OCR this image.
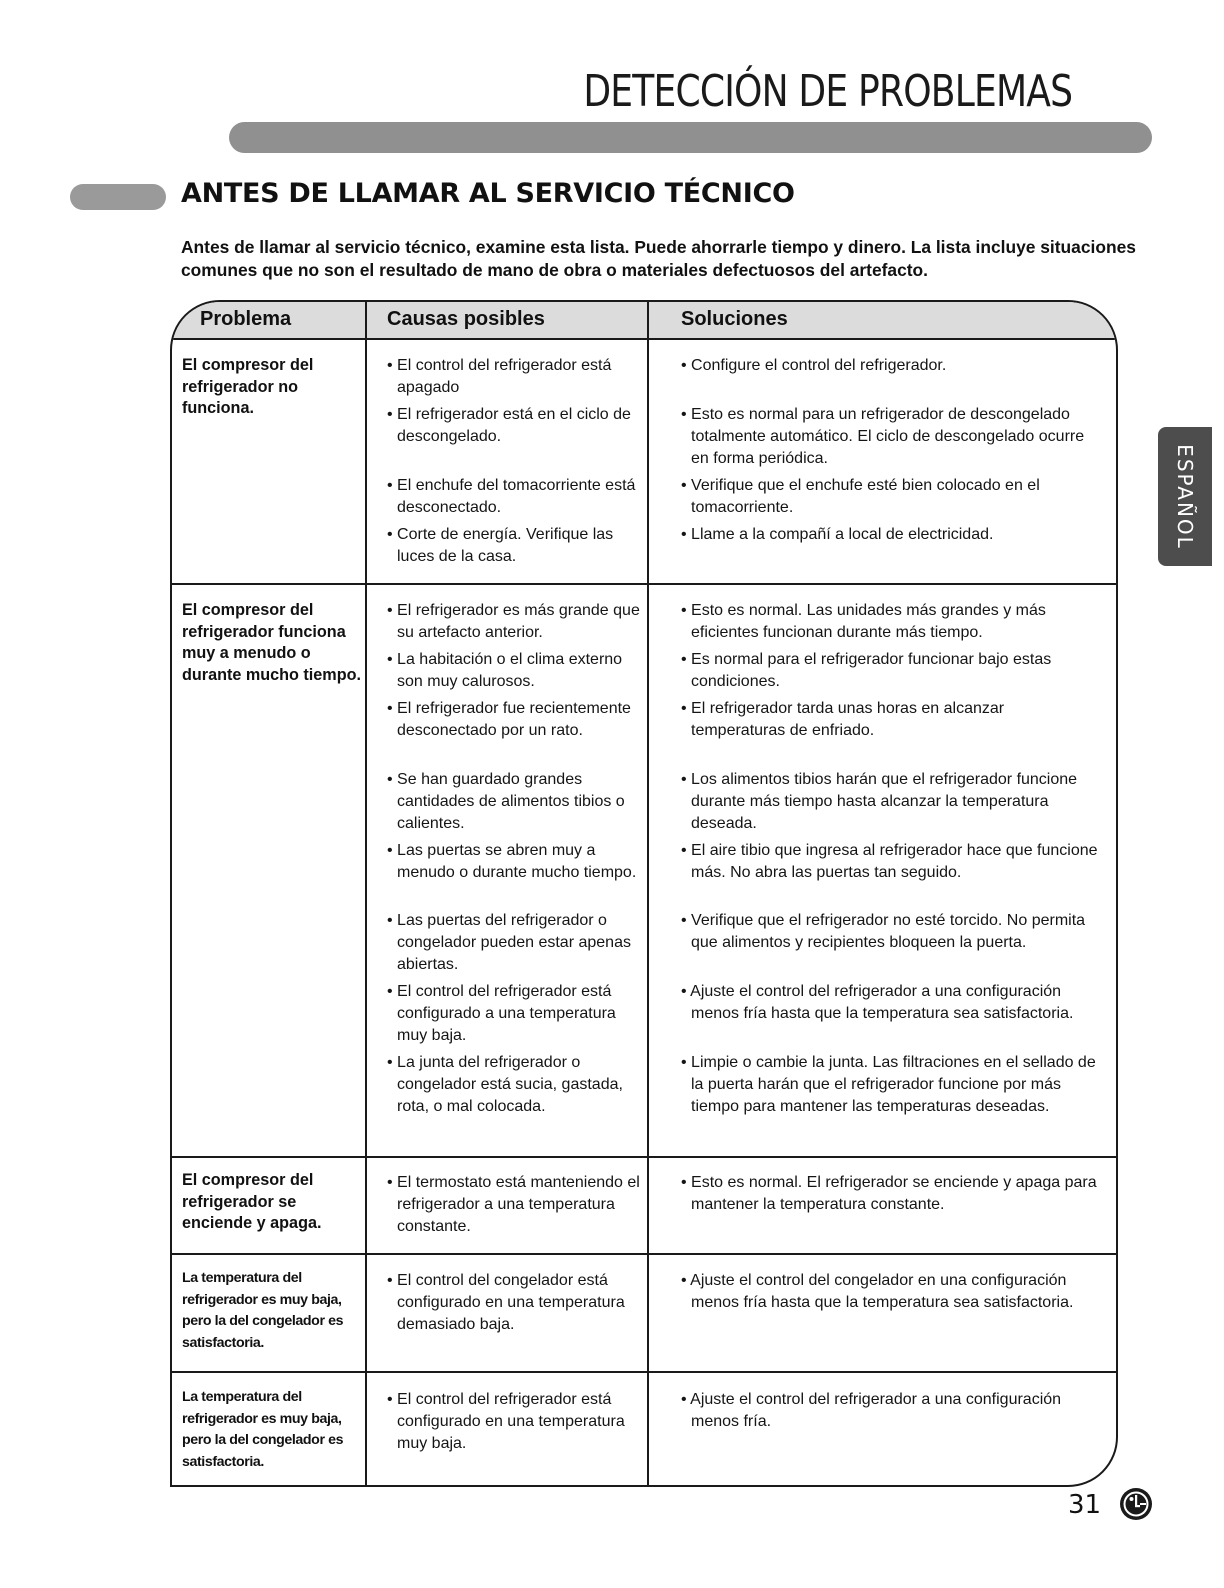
DETECCIÓN DE PROBLEMAS
ANTES DE LLAMAR AL SERVICIO TÉCNICO

Antes de llamar al servicio técnico, examine esta lista. Puede ahorrarle tiempo y dinero. La lista incluye situaciones comunes que no son el resultado de mano de obra o materiales defectuosos del artefacto.

Problema	Causas posibles	Soluciones
El compresor del refrigerador no funciona.
• El control del refrigerador está apagado
• Configure el control del refrigerador.
• El refrigerador está en el ciclo de descongelado.
• Esto es normal para un refrigerador de descongelado totalmente automático. El ciclo de descongelado ocurre en forma periódica.
• El enchufe del tomacorriente está desconectado.
• Verifique que el enchufe esté bien colocado en el tomacorriente.
• Corte de energía. Verifique las luces de la casa.
• Llame a la compañí a local de electricidad.
El compresor del refrigerador funciona muy a menudo o durante mucho tiempo.
• El refrigerador es más grande que su artefacto anterior.
• Esto es normal. Las unidades más grandes y más eficientes funcionan durante más tiempo.
• La habitación o el clima externo son muy calurosos.
• Es normal para el refrigerador funcionar bajo estas condiciones.
• El refrigerador fue recientemente desconectado por un rato.
• El refrigerador tarda unas horas en alcanzar temperaturas de enfriado.
• Se han guardado grandes cantidades de alimentos tibios o calientes.
• Los alimentos tibios harán que el refrigerador funcione durante más tiempo hasta alcanzar la temperatura deseada.
• Las puertas se abren muy a menudo o durante mucho tiempo.
• El aire tibio que ingresa al refrigerador hace que funcione más. No abra las puertas tan seguido.
• Las puertas del refrigerador o congelador pueden estar apenas abiertas.
• Verifique que el refrigerador no esté torcido. No permita que alimentos y recipientes bloqueen la puerta.
• El control del refrigerador está configurado a una temperatura muy baja.
• Ajuste el control del refrigerador a una configuración menos fría hasta que la temperatura sea satisfactoria.
• La junta del refrigerador o congelador está sucia, gastada, rota, o mal colocada.
• Limpie o cambie la junta. Las filtraciones en el sellado de la puerta harán que el refrigerador funcione por más tiempo para mantener las temperaturas deseadas.
El compresor del refrigerador se enciende y apaga.
• El termostato está manteniendo el refrigerador a una temperatura constante.
• Esto es normal. El refrigerador se enciende y apaga para mantener la temperatura constante.
La temperatura del refrigerador es muy baja, pero la del congelador es satisfactoria.
• El control del congelador está configurado en una temperatura demasiado baja.
• Ajuste el control del congelador en una configuración menos fría hasta que la temperatura sea satisfactoria.
La temperatura del refrigerador es muy baja, pero la del congelador es satisfactoria.
• El control del refrigerador está configurado en una temperatura muy baja.
• Ajuste el control del refrigerador a una configuración menos fría.
ESPAÑOL
31
